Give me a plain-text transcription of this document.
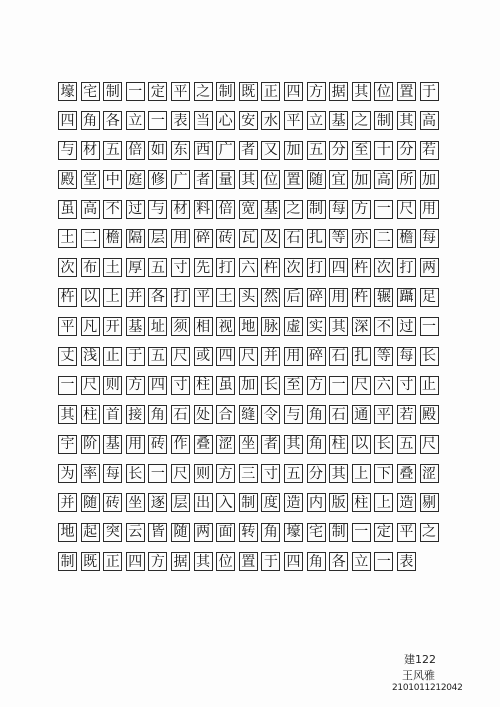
壕 宅 制 一 定 平 之 制 既 正 四 方 据 其 位 置 于
四 角 各 立 一 表 当 心 安 水 平 立 基 之 制 其 高
与 材 五 倍 如 东 西 广 者 又 加 五 分 至 十 分 若
殿 堂 中 庭 修 广 者 量 其 位 置 随 宜 加 高 所 加
虽 高 不 过 与 材 料 倍 宽 基 之 制 每 方 一 尺 用
土 二 檐 隔 层 用 碎 砖 瓦 及 石 扎 等 亦 二 檐 每
次 布 土 厚 五 寸 先 打 六 杵 次 打 四 杵 次 打 两
杵 以 上 并 各 打 平 土 头 然 后 碎 用 杵 辗 躡 足
平 凡 开 基 址 须 相 视 地 脉 虚 实 其 深 不 过 一
丈 浅 止 于 五 尺 或 四 尺 并 用 碎 石 扎 等 每 长
一 尺 则 方 四 寸 柱 虽 加 长 至 方 一 尺 六 寸 止
其 柱 首 接 角 石 处 合 缝 令 与 角 石 通 平 若 殿
宇 阶 基 用 砖 作 叠 涩 坐 者 其 角 柱 以 长 五 尺
为 率 每 长 一 尺 则 方 三 寸 五 分 其 上 下 叠 涩
并 随 砖 坐 逐 层 出 入 制 度 造 内 版 柱 上 造 剔
地 起 突 云 皆 随 两 面 转 角 壕 宅 制 一 定 平 之
制 既 正 四 方 据 其 位 置 于 四 角 各 立 一 表
建122
王风雅
2101011212042
